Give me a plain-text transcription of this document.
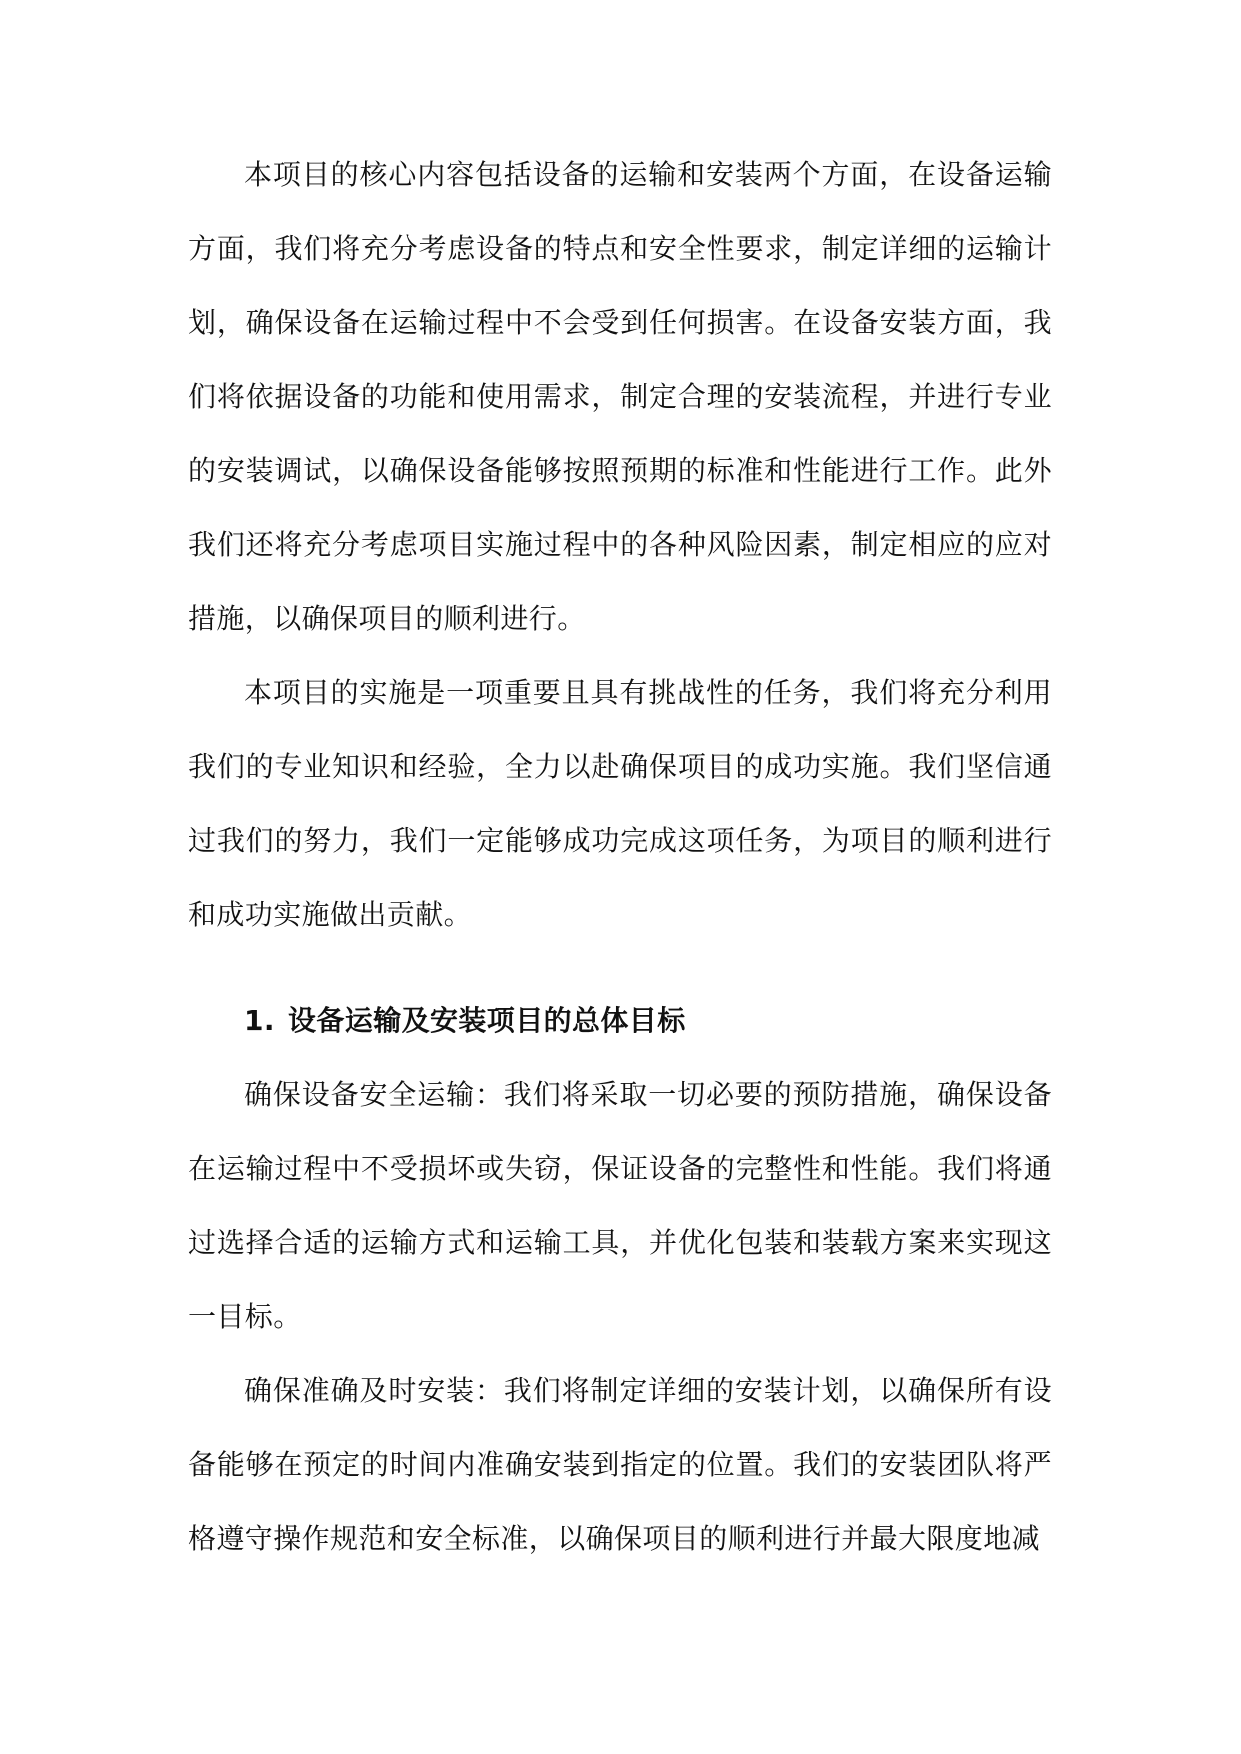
本项目的核心内容包括设备的运输和安装两个方面，在设备运输方面，我们将充分考虑设备的特点和安全性要求，制定详细的运输计划，确保设备在运输过程中不会受到任何损害。在设备安装方面，我们将依据设备的功能和使用需求，制定合理的安装流程，并进行专业的安装调试，以确保设备能够按照预期的标准和性能进行工作。此外我们还将充分考虑项目实施过程中的各种风险因素，制定相应的应对措施，以确保项目的顺利进行。

本项目的实施是一项重要且具有挑战性的任务，我们将充分利用我们的专业知识和经验，全力以赴确保项目的成功实施。我们坚信通过我们的努力，我们一定能够成功完成这项任务，为项目的顺利进行和成功实施做出贡献。

1. 设备运输及安装项目的总体目标

确保设备安全运输：我们将采取一切必要的预防措施，确保设备在运输过程中不受损坏或失窃，保证设备的完整性和性能。我们将通过选择合适的运输方式和运输工具，并优化包装和装载方案来实现这一目标。

确保准确及时安装：我们将制定详细的安装计划，以确保所有设备能够在预定的时间内准确安装到指定的位置。我们的安装团队将严格遵守操作规范和安全标准，以确保项目的顺利进行并最大限度地减
